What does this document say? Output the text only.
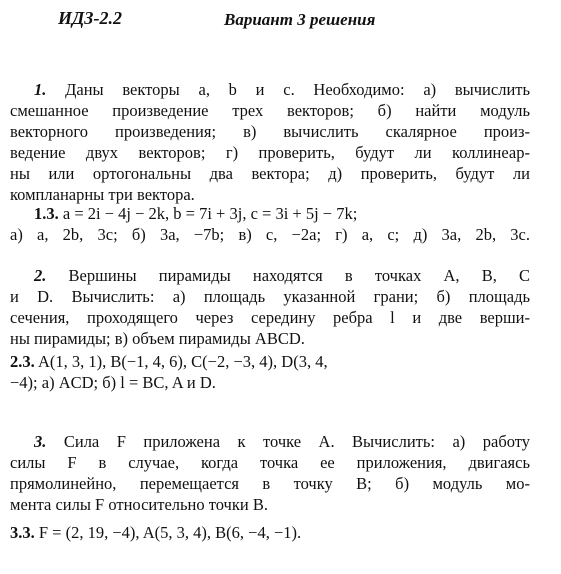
ИДЗ-2.2	Вариант 3 решения
1. Даны векторы a, b и c. Необходимо: а) вычислить
смешанное произведение трех векторов; б) найти модуль
векторного произведения; в) вычислить скалярное произ-
ведение двух векторов; г) проверить, будут ли коллинеар-
ны или ортогональны два вектора; д) проверить, будут ли
компланарны три вектора.
1.3. a = 2i − 4j − 2k, b = 7i + 3j, c = 3i + 5j − 7k;
а) a, 2b, 3c; б) 3a, −7b; в) c, −2a; г) a, c; д) 3a, 2b, 3c.
2. Вершины пирамиды находятся в точках A, B, C
и D. Вычислить: а) площадь указанной грани; б) площадь
сечения, проходящего через середину ребра l и две верши-
ны пирамиды; в) объем пирамиды ABCD.
2.3. A(1, 3, 1), B(−1, 4, 6), C(−2, −3, 4), D(3, 4,
−4); а) ACD; б) l = BC, A и D.
3. Сила F приложена к точке A. Вычислить: а) работу
силы F в случае, когда точка ее приложения, двигаясь
прямолинейно, перемещается в точку B; б) модуль мо-
мента силы F относительно точки B.
3.3. F = (2, 19, −4), A(5, 3, 4), B(6, −4, −1).
